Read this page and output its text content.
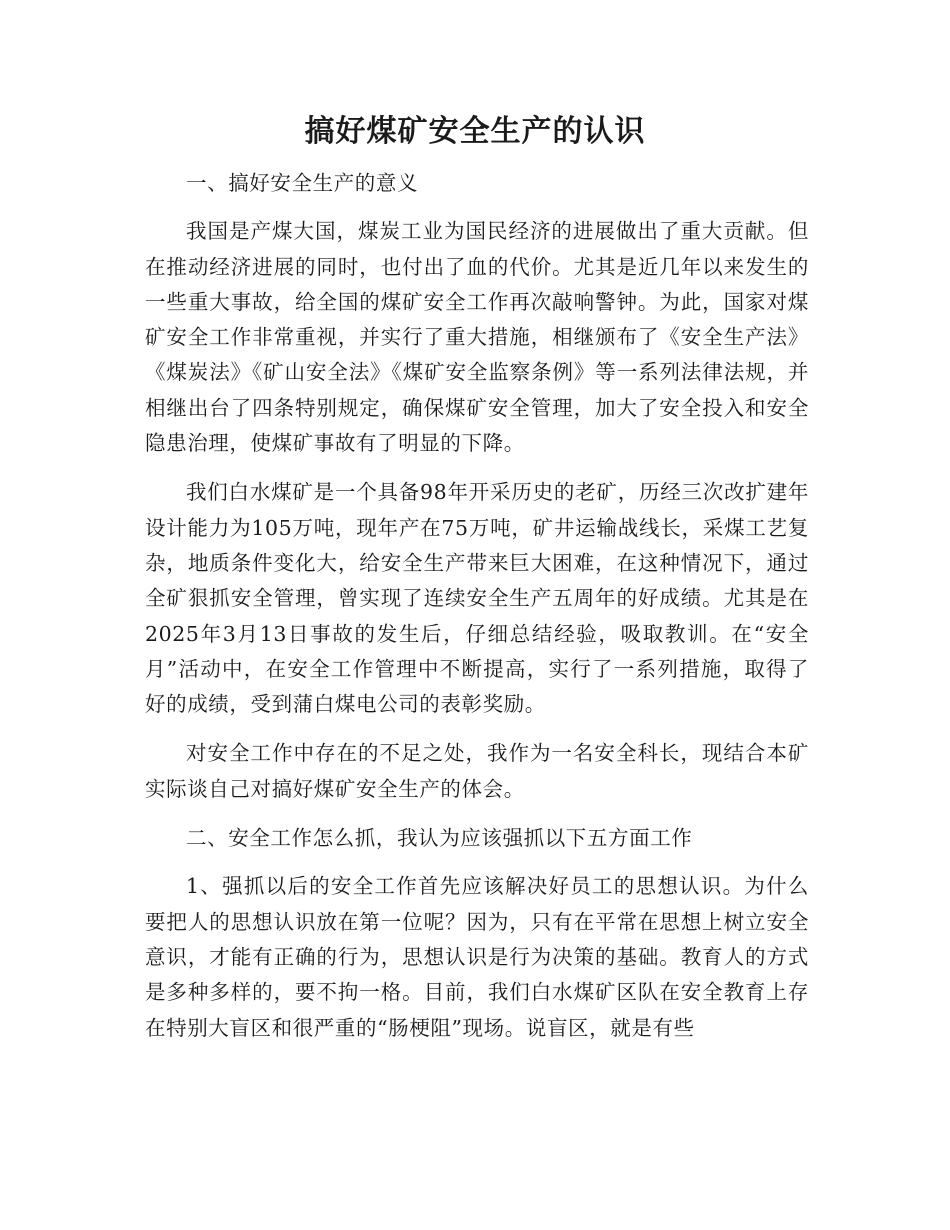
搞好煤矿安全生产的认识

一、搞好安全生产的意义

我国是产煤大国，煤炭工业为国民经济的进展做出了重大贡献。但在推动经济进展的同时，也付出了血的代价。尤其是近几年以来发生的一些重大事故，给全国的煤矿安全工作再次敲响警钟。为此，国家对煤矿安全工作非常重视，并实行了重大措施，相继颁布了《安全生产法》《煤炭法》《矿山安全法》《煤矿安全监察条例》等一系列法律法规，并相继出台了四条特别规定，确保煤矿安全管理，加大了安全投入和安全隐患治理，使煤矿事故有了明显的下降。

我们白水煤矿是一个具备98年开采历史的老矿，历经三次改扩建年设计能力为105万吨，现年产在75万吨，矿井运输战线长，采煤工艺复杂，地质条件变化大，给安全生产带来巨大困难，在这种情况下，通过全矿狠抓安全管理，曾实现了连续安全生产五周年的好成绩。尤其是在2025年3月13日事故的发生后，仔细总结经验，吸取教训。在“安全月”活动中，在安全工作管理中不断提高，实行了一系列措施，取得了好的成绩，受到蒲白煤电公司的表彰奖励。

对安全工作中存在的不足之处，我作为一名安全科长，现结合本矿实际谈自己对搞好煤矿安全生产的体会。

二、安全工作怎么抓，我认为应该强抓以下五方面工作

1、强抓以后的安全工作首先应该解决好员工的思想认识。为什么要把人的思想认识放在第一位呢？因为，只有在平常在思想上树立安全意识，才能有正确的行为，思想认识是行为决策的基础。教育人的方式是多种多样的，要不拘一格。目前，我们白水煤矿区队在安全教育上存在特别大盲区和很严重的“肠梗阻”现场。说盲区，就是有些
